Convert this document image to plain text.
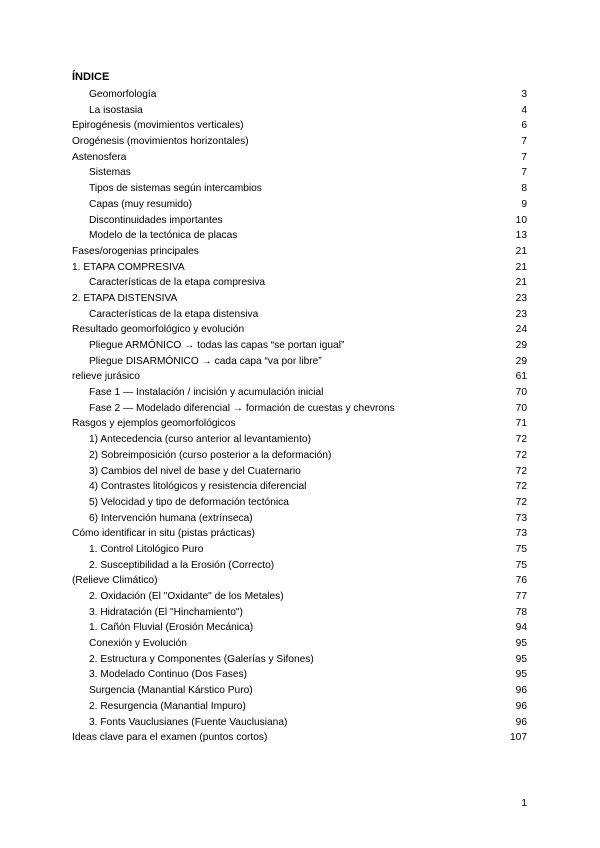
ÍNDICE
Geomorfología	3
La isostasia	4
Epirogénesis (movimientos verticales)	6
Orogénesis (movimientos horizontales)	7
Astenosfera	7
Sistemas	7
Tipos de sistemas según intercambios	8
Capas (muy resumido)	9
Discontinuidades importantes	10
Modelo de la tectónica de placas	13
Fases/orogenias principales	21
1. ETAPA COMPRESIVA	21
Características de la etapa compresiva	21
2. ETAPA DISTENSIVA	23
Características de la etapa distensiva	23
Resultado geomorfológico y evolución	24
Pliegue ARMÓNICO → todas las capas “se portan igual”	29
Pliegue DISARMÓNICO → cada capa “va por libre”	29
relieve jurásico	61
Fase 1 — Instalación / incisión y acumulación inicial	70
Fase 2 — Modelado diferencial → formación de cuestas y chevrons	70
Rasgos y ejemplos geomorfológicos	71
1) Antecedencia (curso anterior al levantamiento)	72
2) Sobreimposición (curso posterior a la deformación)	72
3) Cambios del nivel de base y del Cuaternario	72
4) Contrastes litológicos y resistencia diferencial	72
5) Velocidad y tipo de deformación tectónica	72
6) Intervención humana (extrínseca)	73
Cómo identificar in situ (pistas prácticas)	73
1. Control Litológico Puro	75
2. Susceptibilidad a la Erosión (Correcto)	75
(Relieve Climático)	76
2. Oxidación (El "Oxidante" de los Metales)	77
3. Hidratación (El "Hinchamiento")	78
1. Cañón Fluvial (Erosión Mecánica)	94
Conexión y Evolución	95
2. Estructura y Componentes (Galerías y Sifones)	95
3. Modelado Continuo (Dos Fases)	95
Surgencia (Manantial Kárstico Puro)	96
2. Resurgencia (Manantial Impuro)	96
3. Fonts Vauclusianes (Fuente Vauclusiana)	96
Ideas clave para el examen (puntos cortos)	107
1
